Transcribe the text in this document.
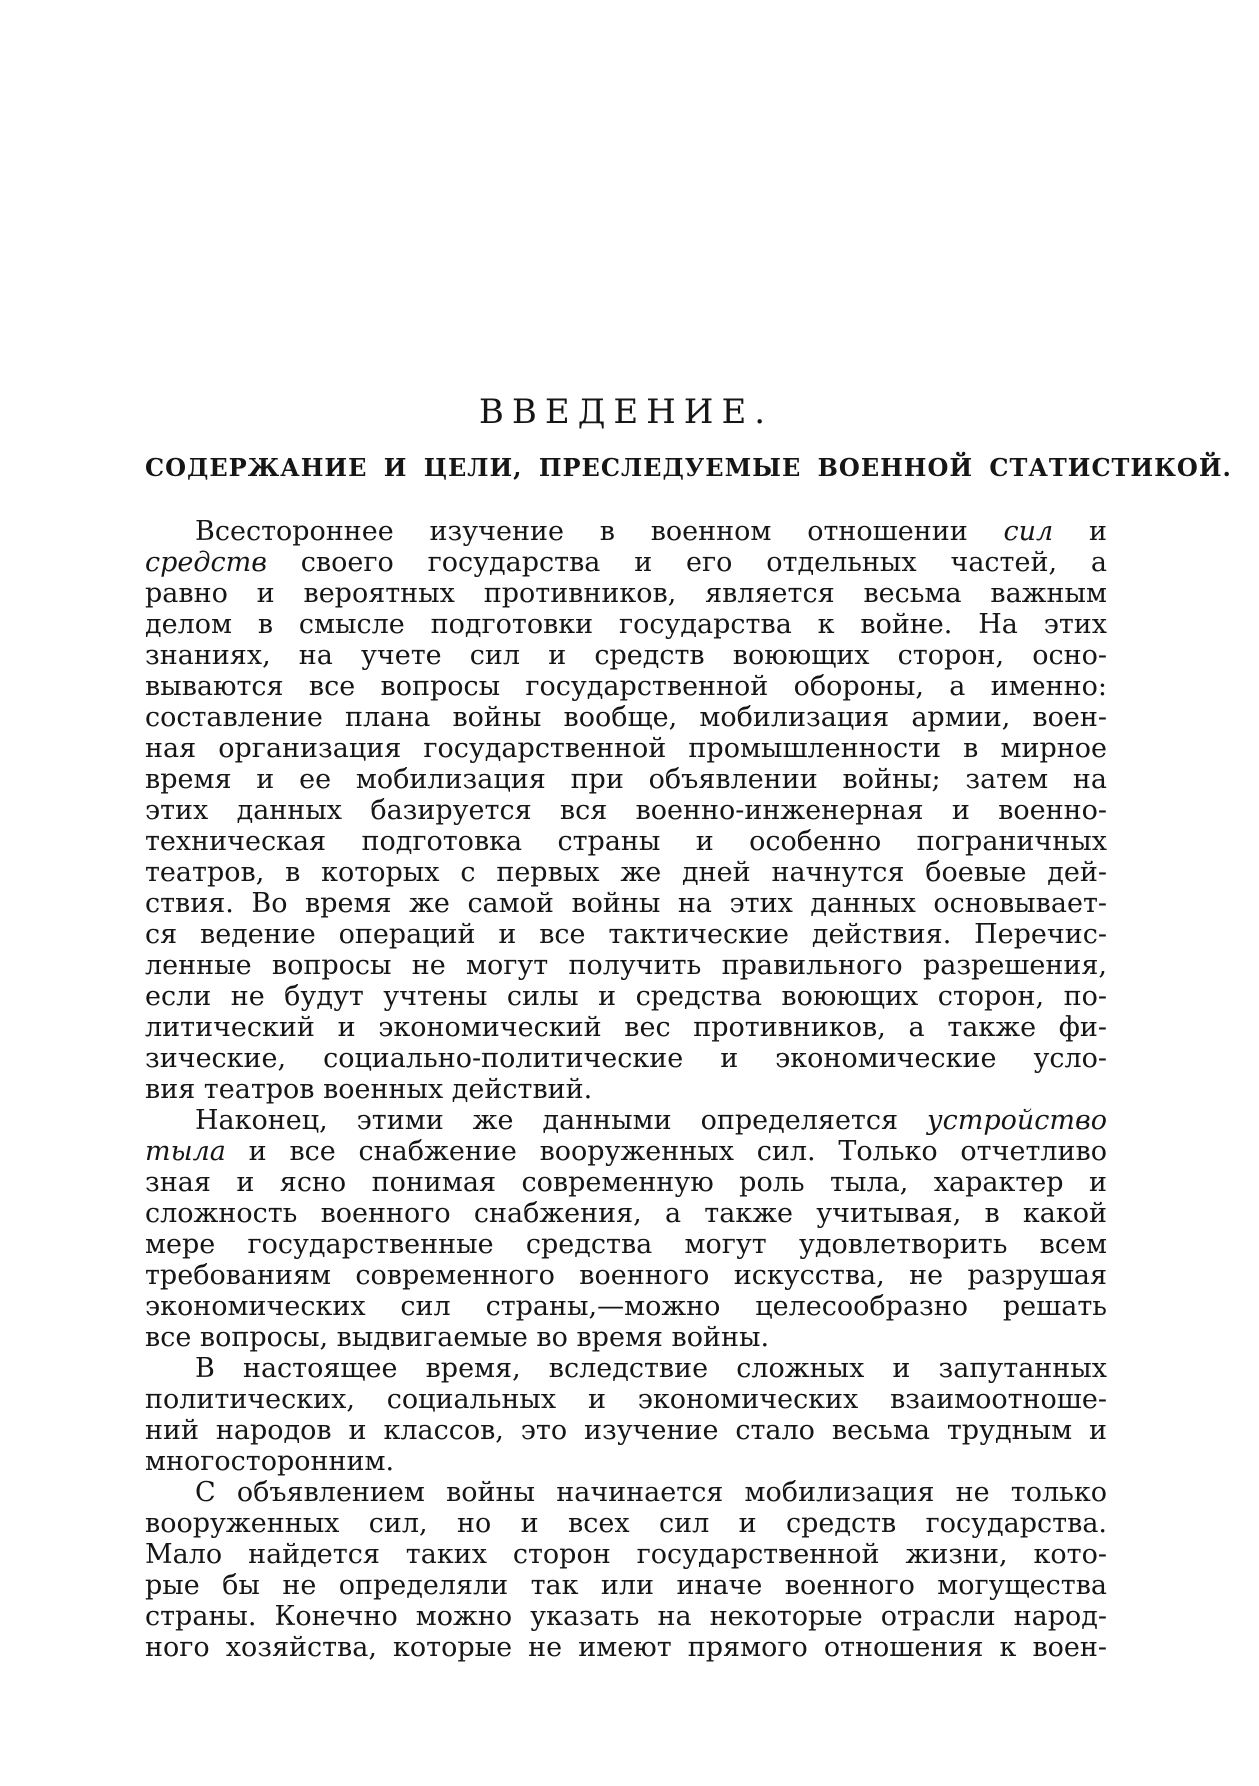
ВВЕДЕНИЕ.
СОДЕРЖАНИЕ И ЦЕЛИ, ПРЕСЛЕДУЕМЫЕ ВОЕННОЙ СТАТИСТИКОЙ.
Всестороннее изучение в военном отношении сил и
средств своего государства и его отдельных частей, а
равно и вероятных противников, является весьма важным
делом в смысле подготовки государства к войне. На этих
знаниях, на учете сил и средств воюющих сторон, осно-
вываются все вопросы государственной обороны, а именно:
составление плана войны вообще, мобилизация армии, воен-
ная организация государственной промышленности в мирное
время и ее мобилизация при объявлении войны; затем на
этих данных базируется вся военно-инженерная и военно-
техническая подготовка страны и особенно пограничных
театров, в которых с первых же дней начнутся боевые дей-
ствия. Во время же самой войны на этих данных основывает-
ся ведение операций и все тактические действия. Перечис-
ленные вопросы не могут получить правильного разрешения,
если не будут учтены силы и средства воюющих сторон, по-
литический и экономический вес противников, а также фи-
зические, социально-политические и экономические усло-
вия театров военных действий.
Наконец, этими же данными определяется устройство
тыла и все снабжение вооруженных сил. Только отчетливо
зная и ясно понимая современную роль тыла, характер и
сложность военного снабжения, а также учитывая, в какой
мере государственные средства могут удовлетворить всем
требованиям современного военного искусства, не разрушая
экономических сил страны,—можно целесообразно решать
все вопросы, выдвигаемые во время войны.
В настоящее время, вследствие сложных и запутанных
политических, социальных и экономических взаимоотноше-
ний народов и классов, это изучение стало весьма трудным и
многосторонним.
С объявлением войны начинается мобилизация не только
вооруженных сил, но и всех сил и средств государства.
Мало найдется таких сторон государственной жизни, кото-
рые бы не определяли так или иначе военного могущества
страны. Конечно можно указать на некоторые отрасли народ-
ного хозяйства, которые не имеют прямого отношения к воен-
